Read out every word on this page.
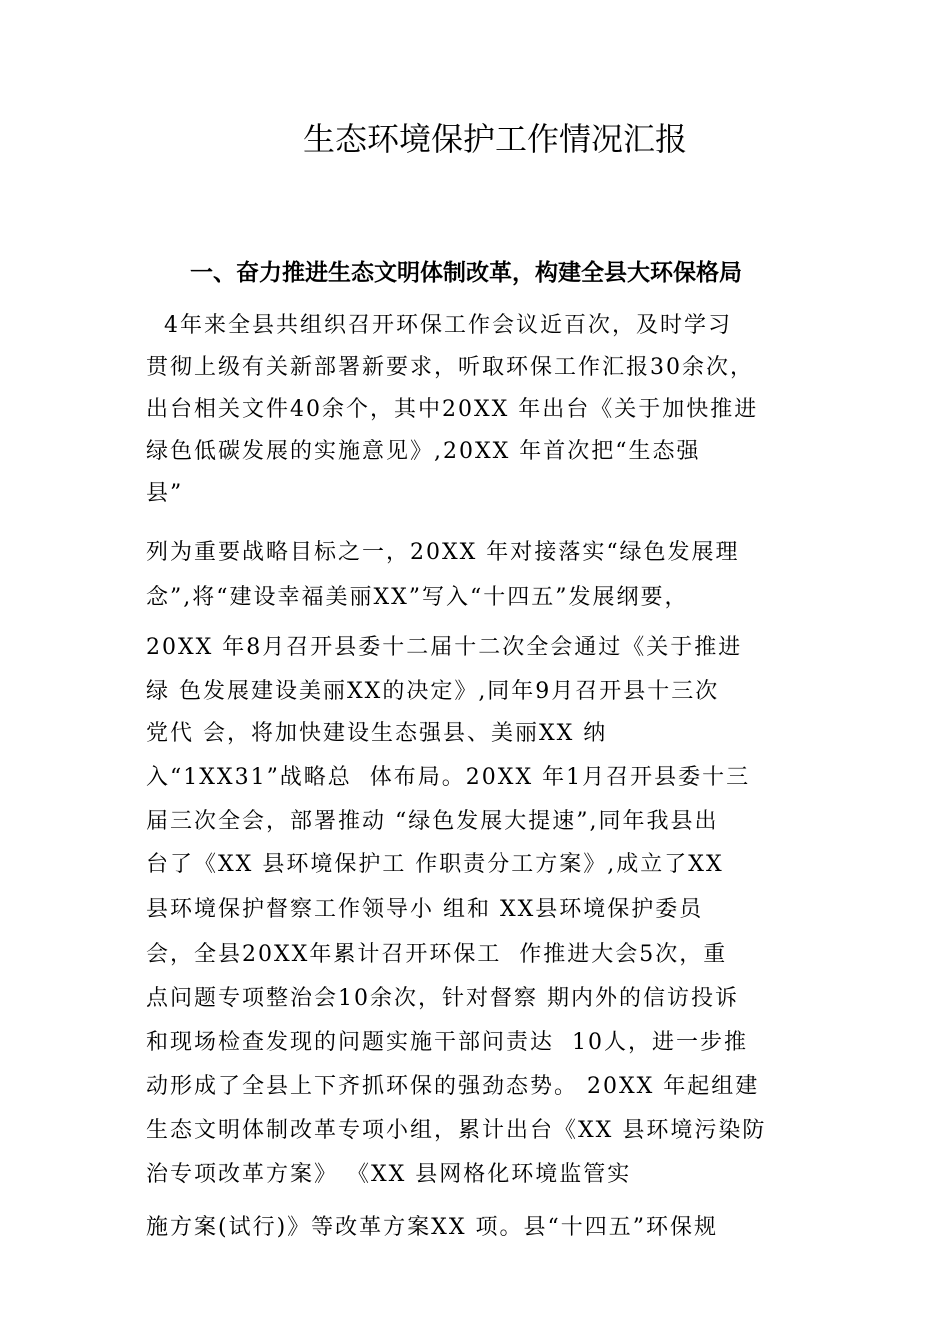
生态环境保护工作情况汇报
一、奋力推进生态文明体制改革，构建全县大环保格局

4年来全县共组织召开环保工作会议近百次，及时学习

贯彻上级有关新部署新要求，听取环保工作汇报30余次，

出台相关文件40余个，其中20XX 年出台《关于加快推进

绿色低碳发展的实施意见》,20XX 年首次把“生态强

县”

列为重要战略目标之一，20XX 年对接落实“绿色发展理

念”,将“建设幸福美丽XX”写入“十四五”发展纲要，

20XX 年8月召开县委十二届十二次全会通过《关于推进

绿 色发展建设美丽XX的决定》,同年9月召开县十三次

党代 会，将加快建设生态强县、美丽XX 纳

入“1XX31”战略总  体布局。20XX 年1月召开县委十三

届三次全会，部署推动 “绿色发展大提速”,同年我县出

台了《XX 县环境保护工 作职责分工方案》,成立了XX

县环境保护督察工作领导小 组和 XX县环境保护委员

会，全县20XX年累计召开环保工  作推进大会5次，重

点问题专项整治会10余次，针对督察 期内外的信访投诉

和现场检查发现的问题实施干部问责达  10人，进一步推

动形成了全县上下齐抓环保的强劲态势。 20XX 年起组建

生态文明体制改革专项小组，累计出台《XX 县环境污染防

治专项改革方案》 《XX 县网格化环境监管实

施方案(试行)》等改革方案XX 项。县“十四五”环保规
